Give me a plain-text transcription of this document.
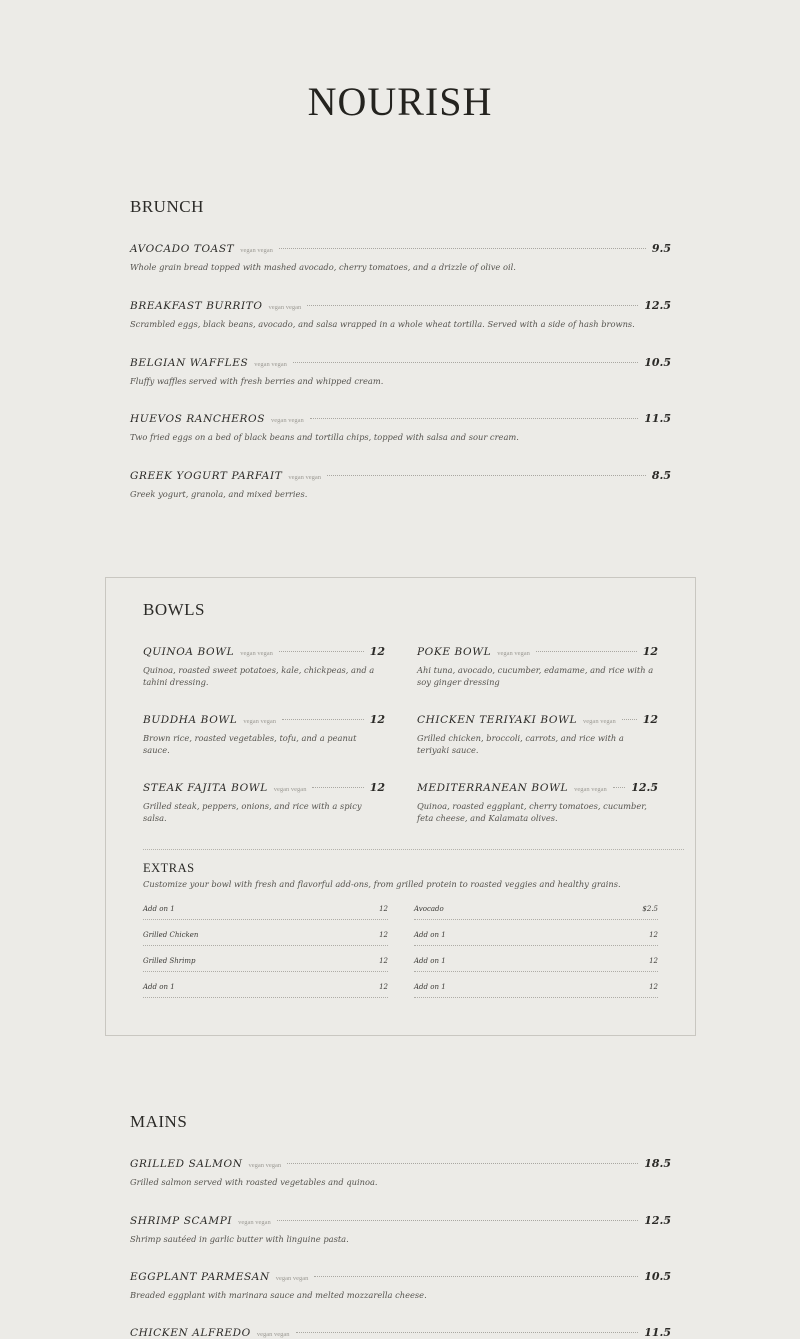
NOURISH
BRUNCH
AVOCADO TOAST vegan vegan	9.5
Whole grain bread topped with mashed avocado, cherry tomatoes, and a drizzle of olive oil.
BREAKFAST BURRITO vegan vegan	12.5
Scrambled eggs, black beans, avocado, and salsa wrapped in a whole wheat tortilla. Served with a side of hash browns.
BELGIAN WAFFLES vegan vegan	10.5
Fluffy waffles served with fresh berries and whipped cream.
HUEVOS RANCHEROS vegan vegan	11.5
Two fried eggs on a bed of black beans and tortilla chips, topped with salsa and sour cream.
GREEK YOGURT PARFAIT vegan vegan	8.5
Greek yogurt, granola, and mixed berries.
BOWLS
QUINOA BOWL vegan vegan	12
Quinoa, roasted sweet potatoes, kale, chickpeas, and a tahini dressing.
POKE BOWL vegan vegan	12
Ahi tuna, avocado, cucumber, edamame, and rice with a soy ginger dressing
BUDDHA BOWL vegan vegan	12
Brown rice, roasted vegetables, tofu, and a peanut sauce.
CHICKEN TERIYAKI BOWL vegan vegan 12
Grilled chicken, broccoli, carrots, and rice with a teriyaki sauce.
STEAK FAJITA BOWL vegan vegan	12
Grilled steak, peppers, onions, and rice with a spicy salsa.
MEDITERRANEAN BOWL vegan vegan 12.5
Quinoa, roasted eggplant, cherry tomatoes, cucumber, feta cheese, and Kalamata olives.
EXTRAS
Customize your bowl with fresh and flavorful add-ons, from grilled protein to roasted veggies and healthy grains.
Add on 1	12
Grilled Chicken	12
Grilled Shrimp	12
Add on 1	12
Avocado	$2.5
Add on 1	12
Add on 1	12
Add on 1	12
MAINS
GRILLED SALMON vegan vegan	18.5
Grilled salmon served with roasted vegetables and quinoa.
SHRIMP SCAMPI vegan vegan	12.5
Shrimp sautéed in garlic butter with linguine pasta.
EGGPLANT PARMESAN vegan vegan	10.5
Breaded eggplant with marinara sauce and melted mozzarella cheese.
CHICKEN ALFREDO vegan vegan	11.5
